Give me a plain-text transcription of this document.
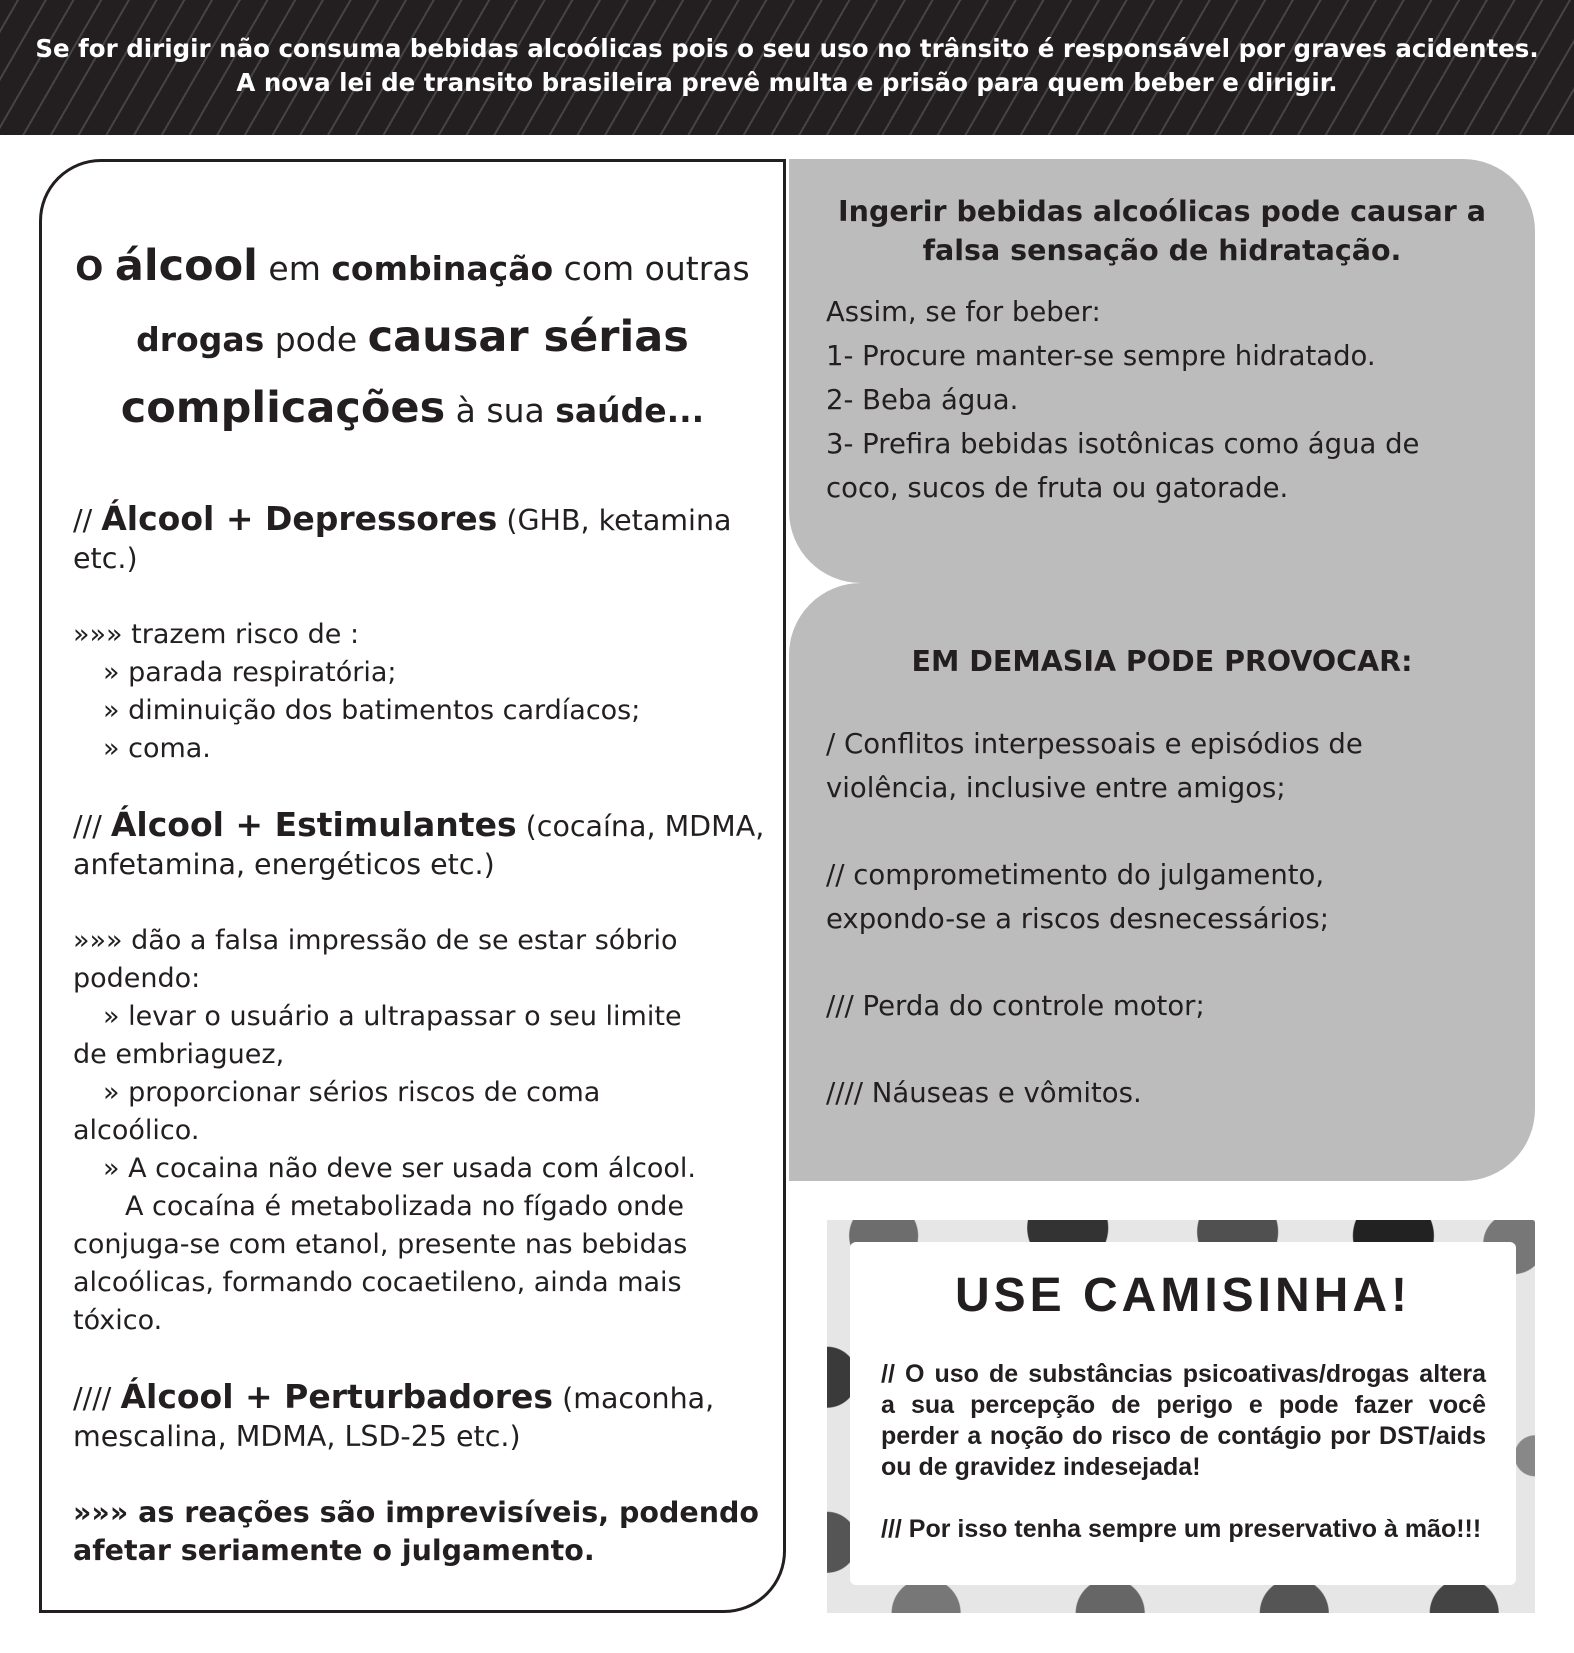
Se for dirigir não consuma bebidas alcoólicas pois o seu uso no trânsito é responsável por graves acidentes.
A nova lei de transito brasileira prevê multa e prisão para quem beber e dirigir.
O álcool em combinação com outras
drogas pode causar sérias
complicações à sua saúde...

// Álcool + Depressores (GHB, ketamina etc.)

»»» trazem risco de :

» parada respiratória;

» diminuição dos batimentos cardíacos;

» coma.

/// Álcool + Estimulantes (cocaína, MDMA,

anfetamina, energéticos etc.)

»»» dão a falsa impressão de se estar sóbrio

podendo:

» levar o usuário a ultrapassar o seu limite

de embriaguez,

» proporcionar sérios riscos de coma

alcoólico.

» A cocaina não deve ser usada com álcool.

A cocaína é metabolizada no fígado onde

conjuga-se com etanol, presente nas bebidas

alcoólicas, formando cocaetileno, ainda mais

tóxico.

//// Álcool + Perturbadores (maconha,

mescalina, MDMA, LSD-25 etc.)

»»» as reações são imprevisíveis, podendo

afetar seriamente o julgamento.

Ingerir bebidas alcoólicas pode causar a
falsa sensação de hidratação.

Assim, se for beber:

1- Procure manter-se sempre hidratado.

2- Beba água.

3- Prefira bebidas isotônicas como água de

coco, sucos de fruta ou gatorade.

EM DEMASIA PODE PROVOCAR:

/ Conflitos interpessoais e episódios de

violência, inclusive entre amigos;

// comprometimento do julgamento,

expondo-se a riscos desnecessários;

/// Perda do controle motor;

//// Náuseas e vômitos.

USE CAMISINHA!

// O uso de substâncias psicoativas/drogas altera a sua percepção de perigo e pode fazer você perder a noção do risco de contágio por DST/aids ou de gravidez indesejada!

/// Por isso tenha sempre um preservativo à mão!!!
